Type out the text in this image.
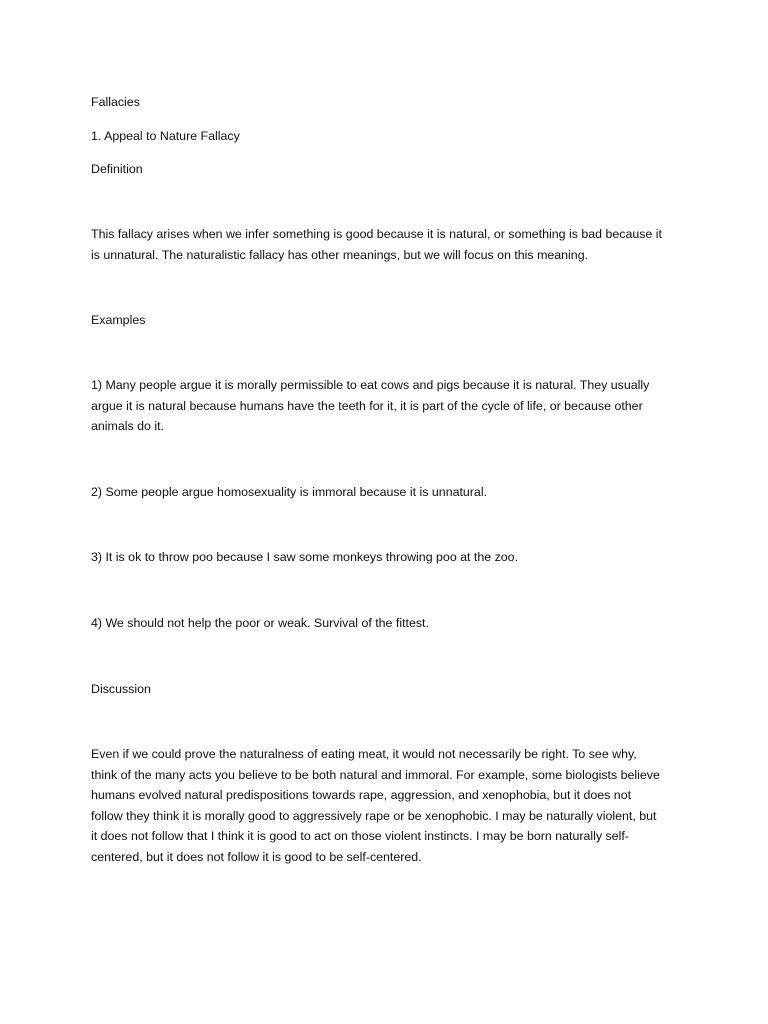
Fallacies
1. Appeal to Nature Fallacy
Definition
This fallacy arises when we infer something is good because it is natural, or something is bad because it
is unnatural. The naturalistic fallacy has other meanings, but we will focus on this meaning.
Examples
1) Many people argue it is morally permissible to eat cows and pigs because it is natural. They usually
argue it is natural because humans have the teeth for it, it is part of the cycle of life, or because other
animals do it.
2) Some people argue homosexuality is immoral because it is unnatural.
3) It is ok to throw poo because I saw some monkeys throwing poo at the zoo.
4) We should not help the poor or weak. Survival of the fittest.
Discussion
Even if we could prove the naturalness of eating meat, it would not necessarily be right. To see why,
think of the many acts you believe to be both natural and immoral. For example, some biologists believe
humans evolved natural predispositions towards rape, aggression, and xenophobia, but it does not
follow they think it is morally good to aggressively rape or be xenophobic. I may be naturally violent, but
it does not follow that I think it is good to act on those violent instincts. I may be born naturally self-
centered, but it does not follow it is good to be self-centered.
